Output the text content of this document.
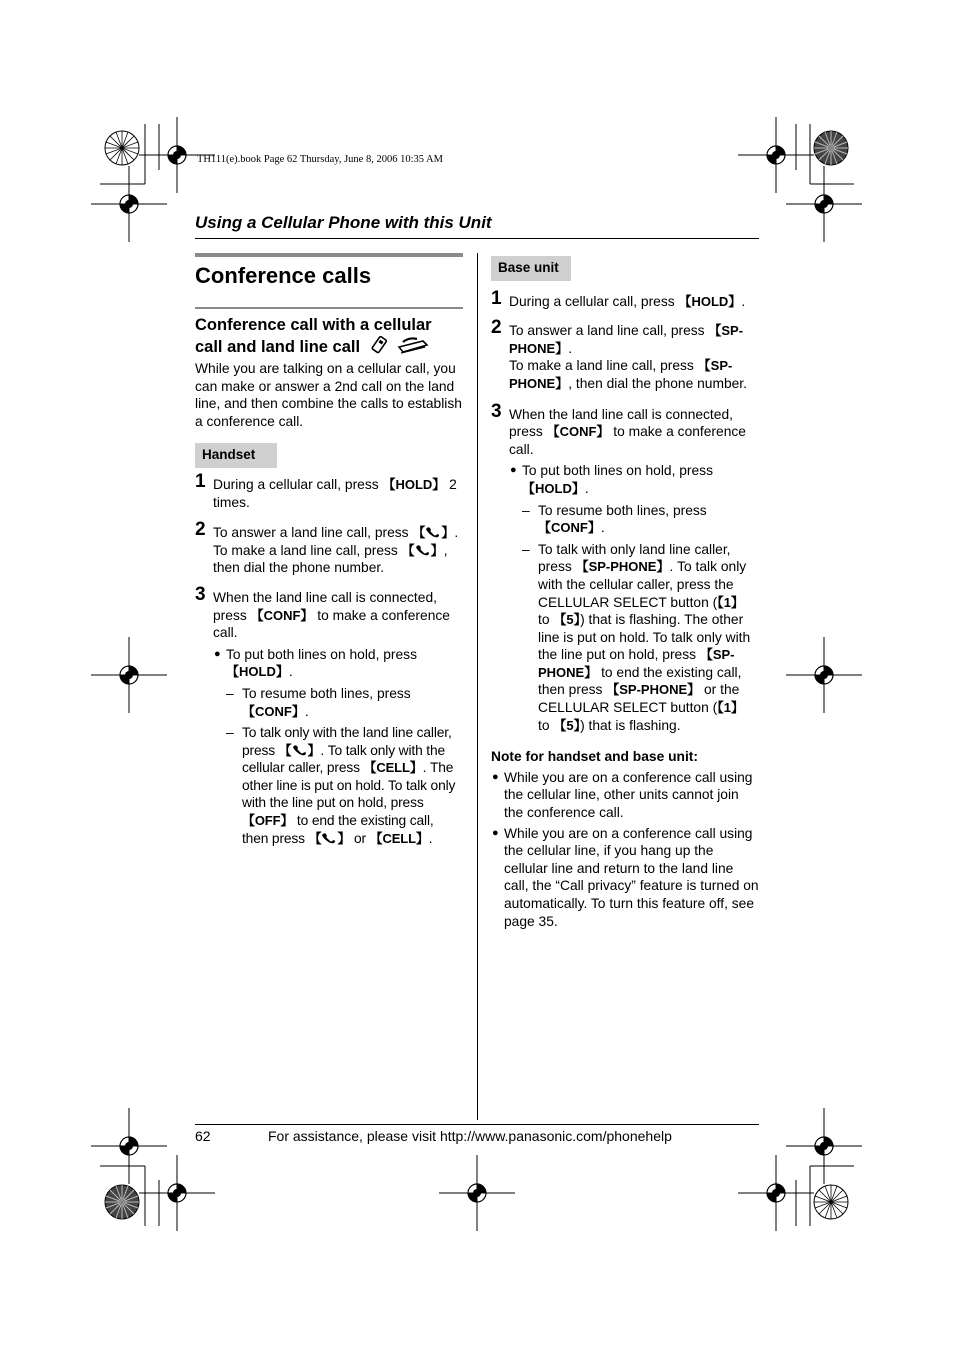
TH111(e).book Page 62 Thursday, June 8, 2006 10:35 AM
Using a Cellular Phone with this Unit
Conference calls
Conference call with a cellular
call and land line call
While you are talking on a cellular call, you can make or answer a 2nd call on the land line, and then combine the calls to establish a conference call.
Handset
1 During a cellular call, press 【HOLD】 2 times.
2 To answer a land line call, press 【 】. To make a land line call, press 【 】, then dial the phone number.
3 When the land line call is connected, press 【CONF】 to make a conference call.
● To put both lines on hold, press 【HOLD】.
– To resume both lines, press 【CONF】.
– To talk only with the land line caller, press 【 】. To talk only with the cellular caller, press 【CELL】. The other line is put on hold. To talk only with the line put on hold, press 【OFF】 to end the existing call, then press 【 】 or 【CELL】.
Base unit
1 During a cellular call, press 【HOLD】.
2 To answer a land line call, press 【SP-PHONE】.
To make a land line call, press 【SP-PHONE】, then dial the phone number.
3 When the land line call is connected, press 【CONF】 to make a conference call.
● To put both lines on hold, press 【HOLD】.
– To resume both lines, press 【CONF】.
– To talk with only land line caller, press 【SP-PHONE】. To talk only with the cellular caller, press the CELLULAR SELECT button (【1】 to 【5】) that is flashing. The other line is put on hold. To talk only with the line put on hold, press 【SP-PHONE】 to end the existing call, then press 【SP-PHONE】 or the CELLULAR SELECT button (【1】 to 【5】) that is flashing.
Note for handset and base unit:
● While you are on a conference call using the cellular line, other units cannot join the conference call.
● While you are on a conference call using the cellular line, if you hang up the cellular line and return to the land line call, the “Call privacy” feature is turned on automatically. To turn this feature off, see page 35.
62	For assistance, please visit http://www.panasonic.com/phonehelp
